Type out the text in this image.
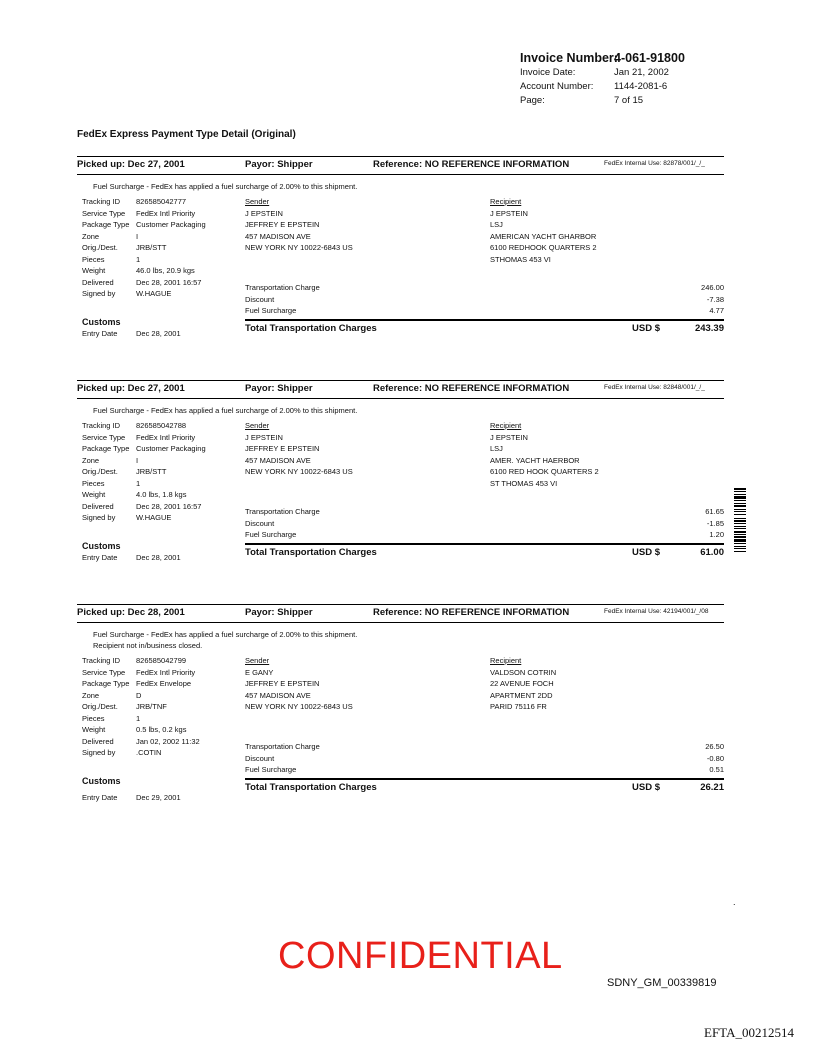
Invoice Number:
4-061-91800
Invoice Date:	Jan 21, 2002
Account Number: 1144-2081-6
Page:	7 of 15
FedEx Express Payment Type Detail (Original)
Picked up: Dec 27, 2001	Payor: Shipper	Reference: NO REFERENCE INFORMATION	FedEx Internal Use: 82878/001/_/_
Fuel Surcharge - FedEx has applied a fuel surcharge of 2.00% to this shipment.
Tracking ID 826585042777
Service Type FedEx Intl Priority
Package Type Customer Packaging
Zone	I
Orig./Dest. JRB/STT
Pieces	1
Weight	46.0 lbs, 20.9 kgs
Delivered	Dec 28, 2001 16:57
Signed by	W.HAGUE
Sender
J EPSTEIN
JEFFREY E EPSTEIN
457 MADISON AVE
NEW YORK NY 10022-6843 US
Recipient
J EPSTEIN
LSJ
AMERICAN YACHT GHARBOR
6100 REDHOOK QUARTERS 2
STHOMAS 453 VI
Transportation Charge	246.00
Discount	-7.38
Fuel Surcharge	4.77
Total Transportation Charges	USD $	243.39
Customs
Entry Date Dec 28, 2001
Picked up: Dec 27, 2001	Payor: Shipper	Reference: NO REFERENCE INFORMATION	FedEx Internal Use: 82848/001/_/_
Fuel Surcharge - FedEx has applied a fuel surcharge of 2.00% to this shipment.
Tracking ID 826585042788
Service Type FedEx Intl Priority
Package Type Customer Packaging
Zone	I
Orig./Dest. JRB/STT
Pieces	1
Weight	4.0 lbs, 1.8 kgs
Delivered	Dec 28, 2001 16:57
Signed by	W.HAGUE
Sender
J EPSTEIN
JEFFREY E EPSTEIN
457 MADISON AVE
NEW YORK NY 10022-6843 US
Recipient
J EPSTEIN
LSJ
AMER. YACHT HAERBOR
6100 RED HOOK QUARTERS 2
ST THOMAS 453 VI
Transportation Charge	61.65
Discount	-1.85
Fuel Surcharge	1.20
Total Transportation Charges	USD $	61.00
Customs
Entry Date Dec 28, 2001
Picked up: Dec 28, 2001	Payor: Shipper	Reference: NO REFERENCE INFORMATION	FedEx Internal Use: 42194/001/_/08
Fuel Surcharge - FedEx has applied a fuel surcharge of 2.00% to this shipment.
Recipient not in/business closed.
Tracking ID 826585042799
Service Type FedEx Intl Priority
Package Type FedEx Envelope
Zone	D
Orig./Dest. JRB/TNF
Pieces	1
Weight	0.5 lbs, 0.2 kgs
Delivered	Jan 02, 2002 11:32
Signed by	.COTIN
Sender
E GANY
JEFFREY E EPSTEIN
457 MADISON AVE
NEW YORK NY 10022-6843 US
Recipient
VALDSON COTRIN
22 AVENUE FOCH
APARTMENT 2DD
PARID 75116 FR
Transportation Charge	26.50
Discount	-0.80
Fuel Surcharge	0.51
Total Transportation Charges	USD $	26.21
Customs
Entry Date Dec 29, 2001
.
CONFIDENTIAL
SDNY_GM_00339819
EFTA_00212514
